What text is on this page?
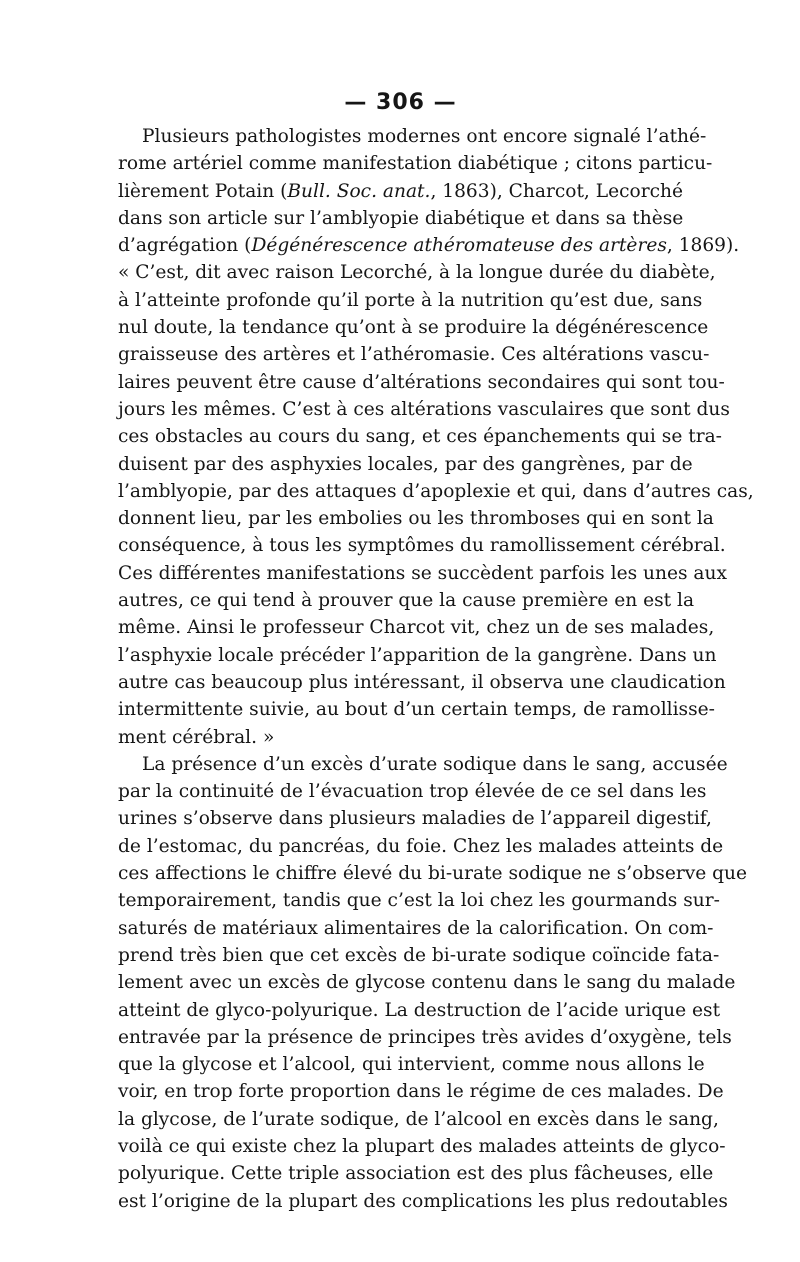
— 306 —
Plusieurs pathologistes modernes ont encore signalé l’athé-
rome artériel comme manifestation diabétique ; citons particu-
lièrement Potain (Bull. Soc. anat., 1863), Charcot, Lecorché
dans son article sur l’amblyopie diabétique et dans sa thèse
d’agrégation (Dégénérescence athéromateuse des artères, 1869).
« C’est, dit avec raison Lecorché, à la longue durée du diabète,
à l’atteinte profonde qu’il porte à la nutrition qu’est due, sans
nul doute, la tendance qu’ont à se produire la dégénérescence
graisseuse des artères et l’athéromasie. Ces altérations vascu-
laires peuvent être cause d’altérations secondaires qui sont tou-
jours les mêmes. C’est à ces altérations vasculaires que sont dus
ces obstacles au cours du sang, et ces épanchements qui se tra-
duisent par des asphyxies locales, par des gangrènes, par de
l’amblyopie, par des attaques d’apoplexie et qui, dans d’autres cas,
donnent lieu, par les embolies ou les thromboses qui en sont la
conséquence, à tous les symptômes du ramollissement cérébral.
Ces différentes manifestations se succèdent parfois les unes aux
autres, ce qui tend à prouver que la cause première en est la
même. Ainsi le professeur Charcot vit, chez un de ses malades,
l’asphyxie locale précéder l’apparition de la gangrène. Dans un
autre cas beaucoup plus intéressant, il observa une claudication
intermittente suivie, au bout d’un certain temps, de ramollisse-
ment cérébral. »
La présence d’un excès d’urate sodique dans le sang, accusée
par la continuité de l’évacuation trop élevée de ce sel dans les
urines s’observe dans plusieurs maladies de l’appareil digestif,
de l’estomac, du pancréas, du foie. Chez les malades atteints de
ces affections le chiffre élevé du bi-urate sodique ne s’observe que
temporairement, tandis que c’est la loi chez les gourmands sur-
saturés de matériaux alimentaires de la calorification. On com-
prend très bien que cet excès de bi-urate sodique coïncide fata-
lement avec un excès de glycose contenu dans le sang du malade
atteint de glyco-polyurique. La destruction de l’acide urique est
entravée par la présence de principes très avides d’oxygène, tels
que la glycose et l’alcool, qui intervient, comme nous allons le
voir, en trop forte proportion dans le régime de ces malades. De
la glycose, de l’urate sodique, de l’alcool en excès dans le sang,
voilà ce qui existe chez la plupart des malades atteints de glyco-
polyurique. Cette triple association est des plus fâcheuses, elle
est l’origine de la plupart des complications les plus redoutables
